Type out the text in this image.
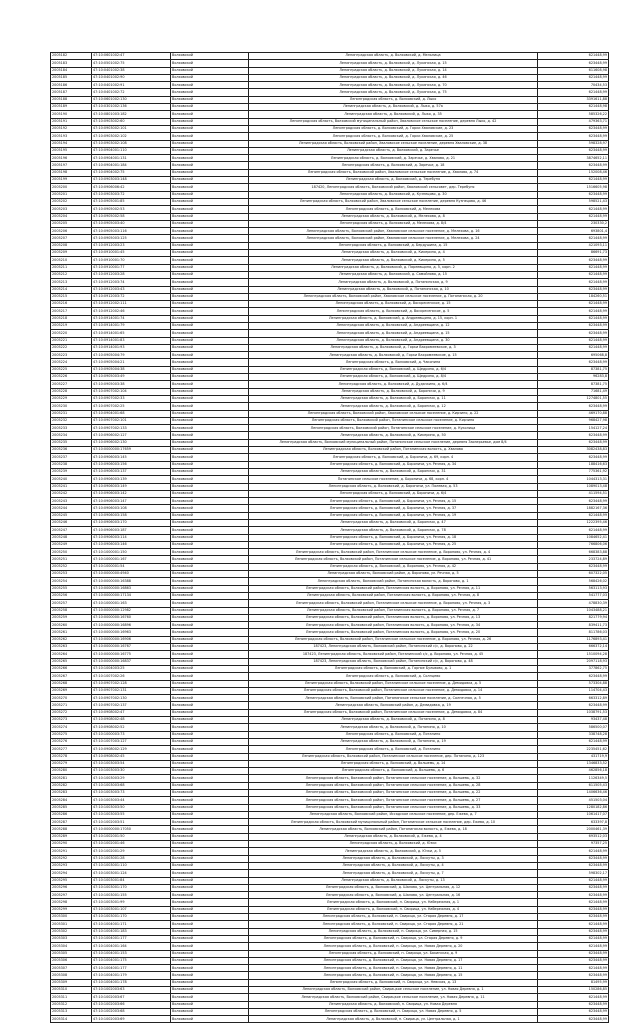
2005182	47:10:0601002:47	Волховский	Ленинградская область, д. Волховский, д. Мельница	621448,99
2005183	47:10:0501002:75	Волховский	Ленинградская область, д. Волховский, д. Лукинская, д. 15	623448,99
2005184	47:10:0401002:38	Волховский	Ленинградская область, д. Волховский, д. Лукинская, д. 14	611608,98
2005185	47:10:0401002:90	Волховский	Ленинградская область, д. Волховский, д. Лукинская, д. 46	621448,99
2005186	47:10:0401002:91	Волховский	Ленинградская область, д. Волховский, д. Лукинская, д. 70	70434,53
2005187	47:10:0401002:72	Волховский	Ленинградская область, д. Волховский, д. Лукинская, д. 75	621448,99
2005188	47:10:0601002:130	Волховский	Ленинградская область, д. Волховский, д. Лыко	3391611,88
2005189	47:10:0301002:136	Волховский	Ленинградская область, д. Волховский, д. Лыко, д. 57а	621448,98
2005190	47:10:0801003:182	Волховский	Ленинградская область, д. Волховский, д. Лыко, д. 35	585326,22
2005191	47:10:0903002:60	Волховский	Ленинградская область, Волховский муниципальный район, Хваловское сельское поселение, деревня Лыко, д. 42	479363,71
2005192	47:10:0903002:101	Волховский	Ленинградская область, д. Волховский, д. Горки Хваловские, д. 23	623448,99
2005193	47:10:0903002:102	Волховский	Ленинградская область, д. Волховский, д. Горки Хваловские, д. 25	623448,99
2005194	47:10:0903002:108	Волховский	Ленинградская область, Волховский район, Хваловское сельское поселение, деревня Хваловские, д. 38	598328,97
2005195	47:10:0904001:110	Волховский	Ленинградская область, д. Волховский, д. Заречье	623448,99
2005196	47:10:0904001:131	Волховский	Ленинградская область, д. Волховский, д. Заречье, д. Хвалово, д. 21	3874652,11
2005197	47:10:0904001:184	Волховский	Ленинградская область, д. Волховский, д. Заречье, д. 18	623448,99
2005198	47:10:0904002:75	Волховский	Ленинградская область, Волховский район, Хваловское сельское поселение, д. Хвалово, д. 74	152008,46
2005199	47:10:0903003:148	Волховский	Ленинградская область, д. Волховский, д. Теребуня	621448,99
2005200	47:10:0906006:42	Волховский	187420, Ленинградская область, Волховский район, Хваловский сельсовет, дер. Теребуня	1516605,98
2005201	47:10:0903003:72	Волховский	Ленинградская область, д. Волховский, д. Кузнецово, д. 30	623448,99
2005202	47:10:0905001:85	Волховский	Ленинградская область, Волховский район, Хваловское сельское поселение, деревня Кузнецово, д. 46	598521,43
2005203	47:10:0905002:53	Волховский	Ленинградская область, д. Волховский, д. Мелехова	621448,99
2005204	47:10:0905002:58	Волховский	Ленинградская область, д. Волховский, д. Мелехова, д. 8	621448,99
2005205	47:10:0905003:40	Волховский	Ленинградская область, д. Волховский, д. Мелехова, д. 8/4	230330,2
2005206	47:10:0905003:116	Волховский	Ленинградская область, Волховский район, Хваловское сельское поселение, д. Мелехова, д. 16	693801,4
2005207	47:10:0905003:125	Волховский	Ленинградская область, Волховский район, Хваловское сельское поселение, д. Мелехова, д. 24	621448,99
2005208	47:10:0912003:23	Волховский	Ленинградская область, д. Волховский, д. Бердушина, д. 15	421093,11
2005209	47:10:0910001:45	Волховский	Ленинградская область, д. Волховский, д. Кикерино, д. 4	86691,73
2005210	47:10:0910001:70	Волховский	Ленинградская область, д. Волховский, д. Кикерино, д. 5	623448,99
2005211	47:10:0910001:77	Волховский	Ленинградская область, д. Волховский, д. Пареевщина, д. 5, корп. 2	621448,99
2005212	47:10:0912003:28	Волховский	Ленинградская область, д. Волховский, д. Самойлово, д. 15	621448,99
2005213	47:10:0912003:74	Волховский	Ленинградская область, д. Волховский, д. Потанинская, д. 9	621448,99
2005214	47:10:0912003:43	Волховский	Ленинградская область, д. Волховский, д. Потанинская, д. 10	623448,99
2005215	47:10:0912003:72	Волховский	Ленинградская область, Волховский район, Хваловское сельское поселение, д. Потанинская, д. 20	184260,51
2005216	47:10:0912002:111	Волховский	Ленинградская область, д. Волховский, д. Воскресенское, д. 15	621448,99
2005217	47:10:0912002:46	Волховский	Ленинградская область, д. Волховский, д. Воскресенское, д. 5	621448,99
2005218	47:10:0914001:74	Волховский	Ленинградская область, д. Волховский, д. Андреевщина, д. 15, корп. 1	621448,99
2005219	47:10:0914001:79	Волховский	Ленинградская область, д. Волховский, д. Андреевщина, д. 12	623448,99
2005220	47:10:0914001:65	Волховский	Ленинградская область, д. Волховский, д. Андреевщина, д. 15	623448,99
2005221	47:10:0914001:83	Волховский	Ленинградская область, д. Волховский, д. Андреевщина, д. 30	621448,99
2005222	47:10:0914001:93	Волховский	Ленинградская область, д. Волховский, д. Горки Вахромеевские, д. 3	621448,99
2005223	47:10:0905004:79	Волховский	Ленинградская область, д. Волховский, д. Горки Вахромеевские, д. 15	695068,8
2005224	47:10:0905004:21	Волховский	Ленинградская область, д. Волховский, д. Чаконина	623448,99
2005225	47:10:0905004:38	Волховский	Ленинградская область, д. Волховский, д. Щедрино, д. 6/4	87381,75
2005226	47:10:0905003:49	Волховский	Ленинградская область, д. Волховский, д. Щедрино, д. 8/4	96283,8
2005227	47:10:0905003:38	Волховский	Ленинградская область, д. Волховский, д. Дудачкино, д. 6/4	87381,75
2005228	47:10:0907002:104	Волховский	Ленинградская область, д. Волховский, д. Бороничи, д. 9	71681,49
2005229	47:10:0907002:33	Волховский	Ленинградская область, д. Волховский, д. Бороничи, д. 11	1274801,55
2005230	47:10:0907002:25	Волховский	Ленинградская область, д. Волховский, д. Бороничи, д. 12	623448,99
2005231	47:10:0904001:68	Волховский	Ленинградская область, Волховский район, Хваловское сельское поселение, д. Кирзино, д. 22	469170,88
2005232	47:10:0907002:101	Волховский	Ленинградская область, Волховский район, Потанинское сельское поселение, д. Кирзино	968427,98
2005233	47:10:0907002:133	Волховский	Ленинградская область, Волховский район, Потанинское сельское поселение, д. Куколица	154127,24
2005234	47:10:0906002:127	Волховский	Ленинградская область, д. Волховский, д. Кикерино, д. 50	623448,99
2005235	47:10:0906002:130	Волховский	Ленинградская область, Волховский муниципальный район, Потанинское сельское поселение, деревня Заозерьевье, дом 8/4	623448,99
2005236	47:10:0000000:17659	Волховский	Ленинградская область, Волховский район, Потанинская волость, д. Хвалово	3082438,83
2005237	47:10:0906003:145	Волховский	Ленинградская область, д. Волховский, д. Бороничи, д. 69, корп. 4	623448,99
2005238	47:10:0906003:156	Волховский	Ленинградская область, д. Волховский, д. Бороничи, ул. Речная, д. 34	188416,63
2005239	47:10:0906003:137	Волховский	Ленинградская область, д. Волховский, д. Бороничи, д. 31	775361,92
2005240	47:10:0906003:139	Волховский	Потанинское сельское поселение, д. Бороничи, д. 68, корп. 4	1044313,31
2005241	47:10:0906003:149	Волховский	Ленинградская область, д. Волховский, д. Бороничи, ул. Полевая, д. 53	1089013,48
2005242	47:10:0906003:142	Волховский	Ленинградская область, д. Волховский, д. Бороничи, д. 6/4	411594,51
2005243	47:10:0906003:147	Волховский	Ленинградская область, д. Волховский, д. Бороничи, ул. Речная, д. 15	623448,99
2005244	47:10:0906003:108	Волховский	Ленинградская область, д. Волховский, д. Бороничи, ул. Речная, д. 37	1882167,36
2005245	47:10:0906003:158	Волховский	Ленинградская область, д. Волховский, д. Бороничи, ул. Речная, д. 19	621448,99
2005246	47:10:0906003:170	Волховский	Ленинградская область, д. Волховский, д. Бороничи, д. 47	1222395,46
2005247	47:10:0906003:187	Волховский	Ленинградская область, д. Волховский, д. Бороничи, д. 78	621448,99
2005248	47:10:0906003:114	Волховский	Ленинградская область, д. Волховский, д. Бороничи, ул. Речная, д. 18	1084652,41
2005249	47:10:0906003:146	Волховский	Ленинградская область, д. Волховский, д. Бороничи, ул. Речная, д. 25	766806,06
2005250	47:10:1000001:150	Волховский	Ленинградская область, Волховский район, Потанинское сельское поселение, д. Вороново, ул. Речная, д. 4	668383,88
2005251	47:10:1000001:167	Волховский	Ленинградская область, Волховский район, Потанинское сельское поселение, д. Вороново, ул. Речная, д. 41	233724,89
2005252	47:10:1000001:54	Волховский	Ленинградская область, д. Волховский, д. Вороново, ул. Речная, д. 42	623448,99
2005253	47:10:0000000:4940	Волховский	Ленинградская область, Волховский район, д. Вороново, ул. Речная, д. 5	607322,05
2005254	47:10:0000000:16388	Волховский	Ленинградская область, Волховский район, Потанинская волость, д. Вороново, д. 1	568426,02
2005255	47:10:0000000:16863	Волховский	Ленинградская область, Волховский район, Потанинская волость, д. Вороново, ул. Речная, д. 11	563113,93
2005256	47:10:0000000:17134	Волховский	Ленинградская область, Волховский район, Потанинская волость, д. Вороново, ул. Речная, д. 8	541777,03
2005257	47:10:1000001:163	Волховский	Ленинградская область, Волховский район, Потанинское сельское поселение, д. Вороново, ул. Речная, д. 3	478830,39
2005258	47:10:0000000:12982	Волховский	Ленинградская область, Волховский район, Потанинская волость, д. Вороново, ул. Речная, д. 7	1043488,21
2005259	47:10:0000000:16760	Волховский	Ленинградская область, Волховский район, Потанинская волость, д. Вороново, ул. Речная, д. 13	821779,94
2005260	47:10:0000000:16896	Волховский	Ленинградская область, Волховский район, Потанинская волость, д. Вороново, ул. Речная, д. 34	839411,73
2005261	47:10:0000000:16963	Волховский	Ленинградская область, Волховский район, Потанинская волость, д. Вороново, ул. Речная, д. 20	811786,03
2005262	47:10:0000000:16906	Волховский	Ленинградская область, Волховский район, Потанинское сельское поселение, д. Вороново, ул. Речная, д. 26	1176893,41
2005263	47:10:0000000:16767	Волховский	187423, Ленинградская область, Волховский район, Потанинский с/с, д. Вороново, д. 22	666372,14
2005264	47:10:0000000:16775	Волховский	187423, Ленинградская область, Волховский район, Потанинский с/с, д. Вороново, ул. Речная, д. 45	1510094,28
2005265	47:10:0000000:16837	Волховский	187423, Ленинградская область, Волховский район, Потанинский с/с, д. Вороново, д. 48	2097118,93
2005266	47:10:1004003:25	Волховский	Ленинградская область, д. Волховский, д. Горное Бульвово, д. 1	377862,75
2005267	47:10:1007002:26	Волховский	Ленинградская область, д. Волховский, д. Солнцево	623448,99
2005268	47:10:0907002:128	Волховский	Ленинградская область, Волховский район, Потанинское сельское поселение, д. Демидовка, д. 5	573304,88
2005269	47:10:0907002:131	Волховский	Ленинградская область, Волховский район, Потанинское сельское поселение, д. Демидовка, д. 14	114704,43
2005270	47:10:0907002:130	Волховский	Ленинградская область, Волховский район, Потанинское сельское поселение, д. Солнечная, д. 5	663312,89
2005271	47:10:0907002:137	Волховский	Ленинградская область, Волховский район, д. Демидовка, д. 19	623448,99
2005272	47:10:0908002:47	Волховский	Ленинградская область, Волховский район, Потанинское сельское поселение, д. Демидовка, д. 84	1038791,53
2005273	47:10:0908002:48	Волховский	Ленинградская область, д. Волховский, д. Потанино, д. 8	93437,48
2005274	47:10:0908002:52	Волховский	Ленинградская область, д. Волховский, д. Потанино, д. 10	586500,07
2005275	47:10:1000003:73	Волховский	Ленинградская область, д. Волховский, д. Потанино	338748,28
2005276	47:10:1007003:127	Волховский	Ленинградская область, д. Волховский, д. Потанино, д. 19	621448,99
2005277	47:10:0908002:129	Волховский	Ленинградская область, д. Волховский, д. Потанино	2235451,62
2005278	47:10:0908002:45	Волховский	Ленинградская область, Волховский район, Потанинское сельское поселение, дер. Потанино, д. 123	431719,9
2005279	47:10:1003003:54	Волховский	Ленинградская область, д. Волховский, д. Волшемь, д. 14	1346833,52
2005280	47:10:1003003:30	Волховский	Ленинградская область, д. Волховский, д. Волшемь, д. 6	462856,18
2005281	47:10:1003003:29	Волховский	Ленинградская область, Волховский район, Потанинское сельское поселение, д. Волшемь, д. 32	1126349,5
2005282	47:10:1003003:68	Волховский	Ленинградская область, Волховский район, Потанинское сельское поселение, д. Волшемь, д. 28	611505,43
2005283	47:10:1003003:73	Волховский	Ленинградская область, Волховский район, Потанинское сельское поселение, д. Волшемь, д. 22	1406636,46
2005284	47:10:1003003:44	Волховский	Ленинградская область, Волховский район, Потанинское сельское поселение, д. Волшемь, д. 27	451503,04
2005285	47:10:1003003:50	Волховский	Ленинградская область, Волховский район, Потанинское сельское поселение, д. Волшемь, д. 33	1280182,86
2005286	47:10:1003003:55	Волховский	Ленинградская область, Волховский район, Иссадское сельское поселение, дер. Ежева, д. 7	1061417,07
2005287	47:10:1002003:51	Волховский	Ленинградская область, Волховский муниципальный район, Потанинское сельское поселение, дер. Ежева, д. 10	633397,8
2005288	47:10:0000000:17050	Волховский	Ленинградская область, Волховский район, Потанинская волость, д. Ежева, д. 18	2000461,39
2005289	47:10:1002001:50	Волховский	Ленинградская область, д. Волховский, д. Ежева, д. 4	693512,03
2005290	47:10:1002001:46	Волховский	Ленинградская область, д. Волховский, д. Юзки	97357,25
2005291	47:10:1002001:29	Волховский	Ленинградская область, д. Волховский, д. Юзки, д. 5	621448,99
2005292	47:10:1003001:28	Волховский	Ленинградская область, д. Волховский, д. Лоскуты, д. 3	623448,99
2005293	47:10:1003001:110	Волховский	Ленинградская область, д. Волховский, д. Лоскуты, д. 4	623448,99
2005294	47:10:1003001:124	Волховский	Ленинградская область, д. Волховский, д. Лоскуты, д. 7	598302,17
2005295	47:10:1003001:84	Волховский	Ленинградская область, д. Волховский, д. Лоскуты, д. 13	621448,99
2005296	47:10:1003001:170	Волховский	Ленинградская область, д. Волховский, д. Шалово, ул. Центральная, д. 12	623448,99
2005297	47:10:1003001:155	Волховский	Ленинградская область, д. Волховский, д. Шалово, ул. Центральная, д. 16	623448,99
2005298	47:10:1003001:99	Волховский	Ленинградская область, д. Волховский, п. Свирица, ул. Набережная, д. 1	621448,99
2005299	47:10:1003001:107	Волховский	Ленинградская область, д. Волховский, п. Свирица, ул. Набережная, д. 4	623448,99
2005300	47:10:1003001:170	Волховский	Ленинградская область, д. Волховский, п. Свирица, ул. Старая Деревня, д. 17	623448,99
2005301	47:10:1004001:171	Волховский	Ленинградская область, д. Волховский, п. Свирица, ул. Старая Деревня, д. 21	621448,99
2005302	47:10:1004001:183	Волховский	Ленинградская область, д. Волховский, п. Свирица, ул. Сиверная, д. 15	623448,99
2005303	47:10:1004001:177	Волховский	Ленинградская область, д. Волховский, п. Свирица, ул. Старая Деревня, д. 9	621448,99
2005304	47:10:1004001:164	Волховский	Ленинградская область, д. Волховский, п. Свирица, ул. Новая Деревня, д. 20	621448,99
2005305	47:10:1004001:153	Волховский	Ленинградская область, д. Волховский, п. Свирица, ул. Бакинская, д. 9	623448,99
2005306	47:10:1004001:175	Волховский	Ленинградская область, д. Волховский, п. Свирица, ул. Новая Деревня, д. 17	623448,99
2005307	47:10:1004001:177	Волховский	Ленинградская область, д. Волховский, п. Свирица, ул. Новая Деревня, д. 11	621448,99
2005308	47:10:1004001:179	Волховский	Ленинградская область, д. Волховский, п. Свирица, ул. Новая Деревня, д. 15	623448,99
2005309	47:10:1004001:178	Волховский	Ленинградская область, д. Волховский, п. Свирица, ул. Невская, д. 13	81495,99
2005310	47:10:1002003:63	Волховский	Ленинградская область, Волховский район, Свирицкое сельское поселение, ул. Новая Деревня, д. 1	150286,85
2005311	47:10:1002003:67	Волховский	Ленинградская область, Волховский район, Свирицкое сельское поселение, ул. Новая Деревня, д. 11	621448,99
2005312	47:10:1002003:66	Волховский	Ленинградская область, д. Волховский, п. Свирица, ул. Новая Деревня	623448,99
2005313	47:10:1002003:68	Волховский	Ленинградская область, д. Волховский, п. Свирица, ул. Новая Деревня, д. 5	623448,99
2005314	47:10:1002003:69	Волховский	Ленинградская область, д. Волховский, п. Свирица, ул. Центральная, д. 1	623448,99
